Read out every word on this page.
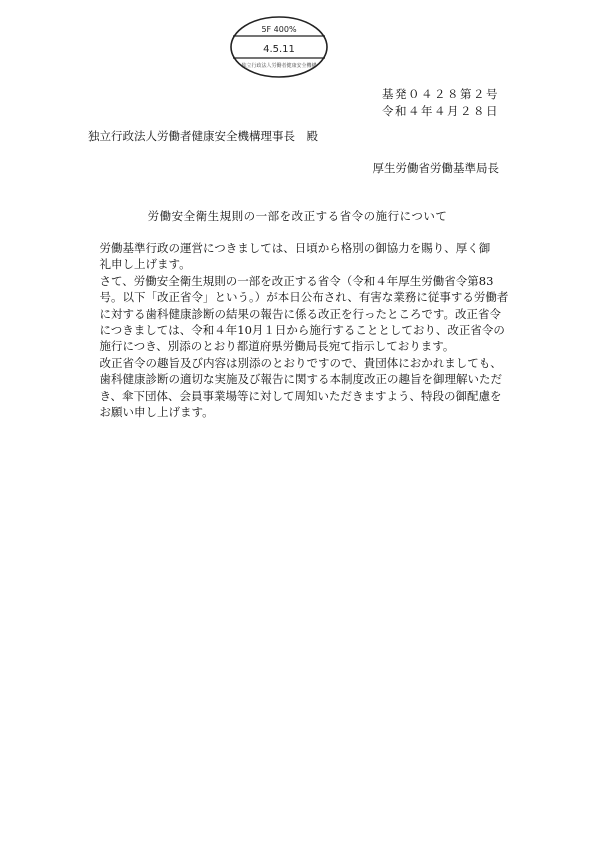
5F 400%
4.5.11
独立行政法人労働者健康安全機構
基発０４２８第２号
令和４年４月２８日
独立行政法人労働者健康安全機構理事長　殿
厚生労働省労働基準局長
労働安全衛生規則の一部を改正する省令の施行について

労働基準行政の運営につきましては、日頃から格別の御協力を賜り、厚く御
礼申し上げます。

さて、労働安全衛生規則の一部を改正する省令（令和４年厚生労働省令第83
号。以下「改正省令」という。）が本日公布され、有害な業務に従事する労働者
に対する歯科健康診断の結果の報告に係る改正を行ったところです。改正省令
につきましては、令和４年10月１日から施行することとしており、改正省令の
施行につき、別添のとおり都道府県労働局長宛て指示しております。

改正省令の趣旨及び内容は別添のとおりですので、貴団体におかれましても、
歯科健康診断の適切な実施及び報告に関する本制度改正の趣旨を御理解いただ
き、傘下団体、会員事業場等に対して周知いただきますよう、特段の御配慮を
お願い申し上げます。
